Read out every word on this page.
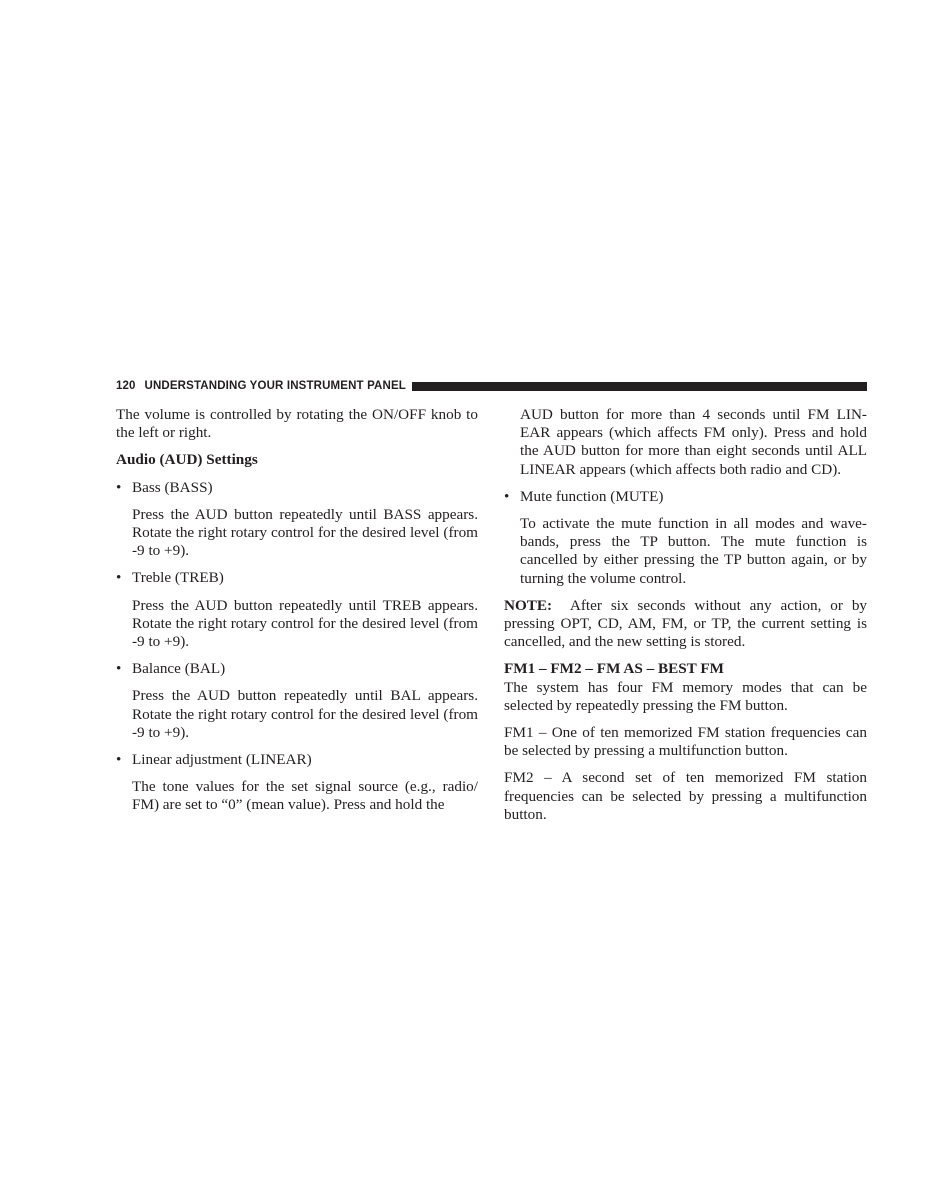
120 UNDERSTANDING YOUR INSTRUMENT PANEL

The volume is controlled by rotating the ON/OFF knob to the left or right.

Audio (AUD) Settings
• Bass (BASS)

Press the AUD button repeatedly until BASS appears. Rotate the right rotary control for the desired level (from -9 to +9).

• Treble (TREB)

Press the AUD button repeatedly until TREB appears. Rotate the right rotary control for the desired level (from -9 to +9).

• Balance (BAL)

Press the AUD button repeatedly until BAL appears. Rotate the right rotary control for the desired level (from -9 to +9).

• Linear adjustment (LINEAR)

The tone values for the set signal source (e.g., radio/ FM) are set to “0” (mean value). Press and hold the

AUD button for more than 4 seconds until FM LIN- EAR appears (which affects FM only). Press and hold the AUD button for more than eight seconds until ALL LINEAR appears (which affects both radio and CD).

• Mute function (MUTE)

To activate the mute function in all modes and wave- bands, press the TP button. The mute function is cancelled by either pressing the TP button again, or by turning the volume control.

NOTE: After six seconds without any action, or by pressing OPT, CD, AM, FM, or TP, the current setting is cancelled, and the new setting is stored.

FM1 – FM2 – FM AS – BEST FM

The system has four FM memory modes that can be selected by repeatedly pressing the FM button.

FM1 – One of ten memorized FM station frequencies can be selected by pressing a multifunction button.

FM2 – A second set of ten memorized FM station frequencies can be selected by pressing a multifunction button.
